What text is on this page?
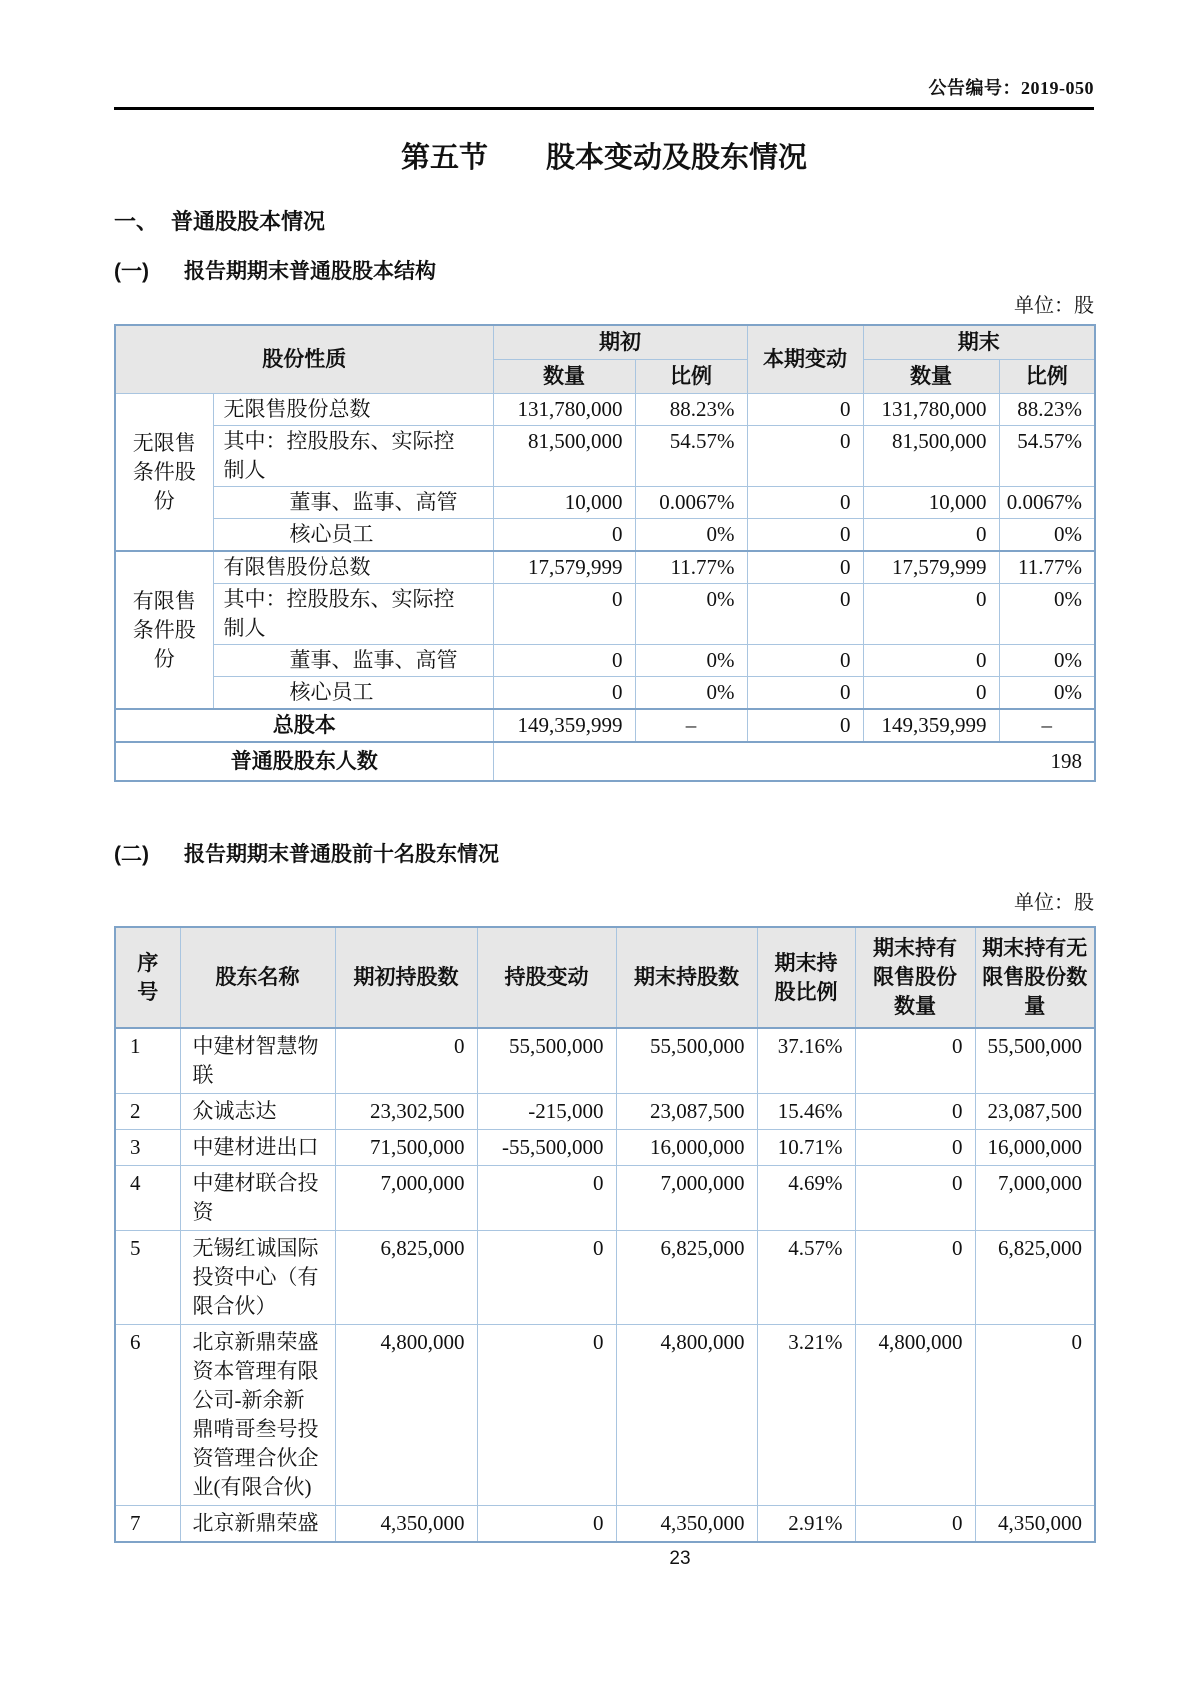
公告编号：2019-050
第五节　　股本变动及股东情况
一、 普通股股本情况
(一) 报告期期末普通股股本结构
单位：股
股份性质		期初		本期变动	期末	
		数量	比例		数量	比例
无限售条件股份	无限售股份总数	131,780,000	88.23%	0	131,780,000	88.23%
	其中：控股股东、实际控制人	81,500,000	54.57%	0	81,500,000	54.57%
	董事、监事、高管	10,000	0.0067%	0	10,000	0.0067%
	核心员工	0	0%	0	0	0%
有限售条件股份	有限售股份总数	17,579,999	11.77%	0	17,579,999	11.77%
	其中：控股股东、实际控制人	0	0%	0	0	0%
	董事、监事、高管	0	0%	0	0	0%
	核心员工	0	0%	0	0	0%
总股本		149,359,999	–	0	149,359,999	–
普通股股东人数		198				
(二) 报告期期末普通股前十名股东情况
单位：股
序号	股东名称	期初持股数	持股变动	期末持股数	期末持股比例	期末持有限售股份数量	期末持有无限售股份数量
1	中建材智慧物联	0	55,500,000	55,500,000	37.16%	0	55,500,000
2	众诚志达	23,302,500	-215,000	23,087,500	15.46%	0	23,087,500
3	中建材进出口	71,500,000	-55,500,000	16,000,000	10.71%	0	16,000,000
4	中建材联合投资	7,000,000	0	7,000,000	4.69%	0	7,000,000
5	无锡红诚国际投资中心（有限合伙）	6,825,000	0	6,825,000	4.57%	0	6,825,000
6	北京新鼎荣盛资本管理有限公司-新余新鼎啃哥叁号投资管理合伙企业(有限合伙)	4,800,000	0	4,800,000	3.21%	4,800,000	0
7	北京新鼎荣盛	4,350,000	0	4,350,000	2.91%	0	4,350,000
23
